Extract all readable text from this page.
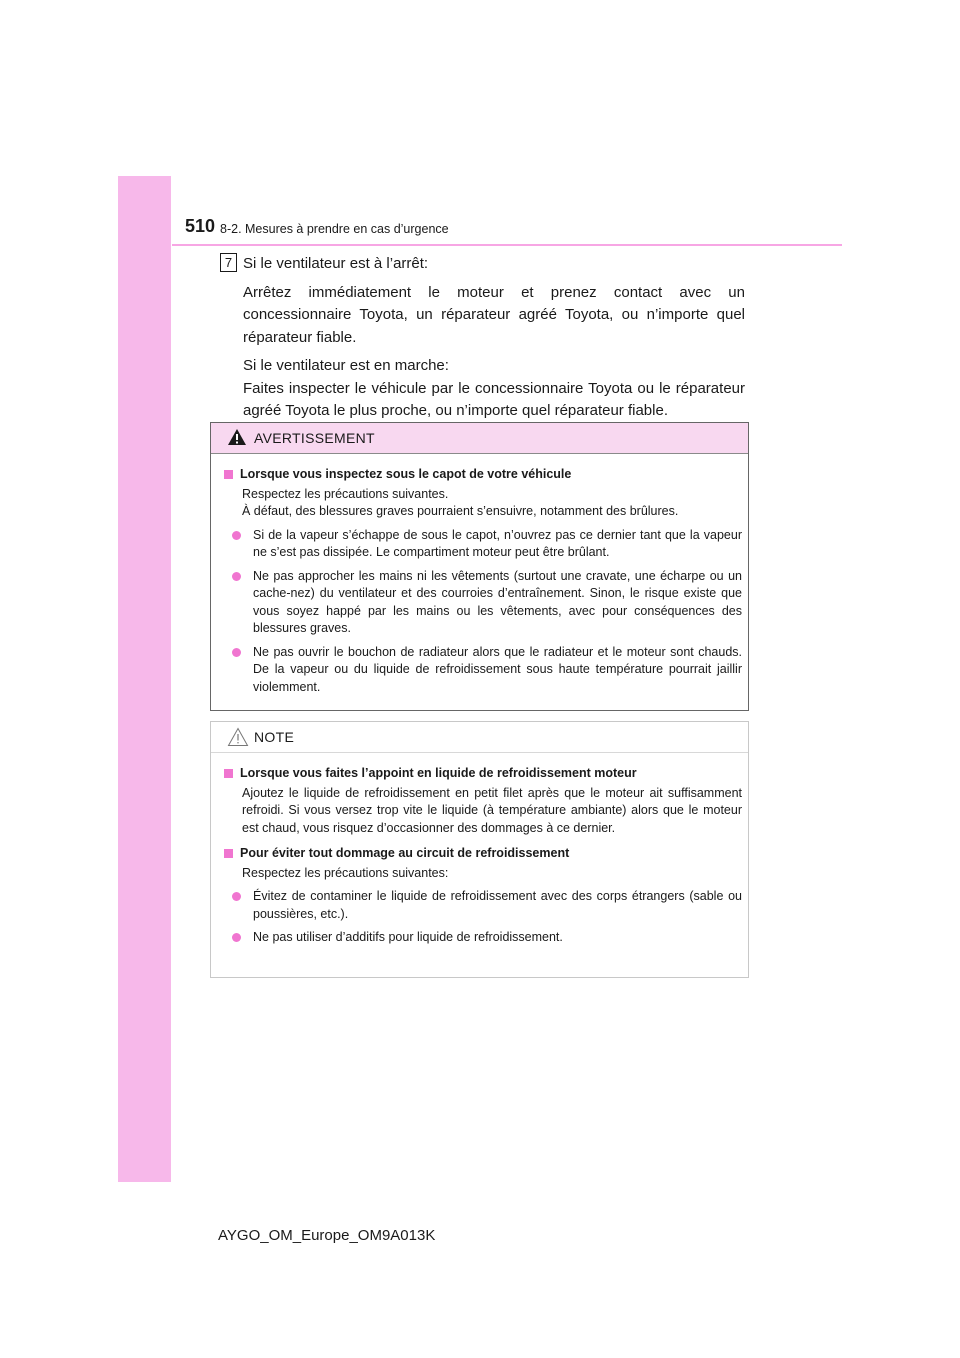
510 8-2. Mesures à prendre en cas d’urgence
7 Si le ventilateur est à l’arrêt:

Arrêtez immédiatement le moteur et prenez contact avec un concessionnaire Toyota, un réparateur agréé Toyota, ou n’importe quel réparateur fiable.

Si le ventilateur est en marche:

Faites inspecter le véhicule par le concessionnaire Toyota ou le réparateur agréé Toyota le plus proche, ou n’importe quel réparateur fiable.

AVERTISSEMENT
Lorsque vous inspectez sous le capot de votre véhicule
Respectez les précautions suivantes.
À défaut, des blessures graves pourraient s’ensuivre, notamment des brûlures.
Si de la vapeur s’échappe de sous le capot, n’ouvrez pas ce dernier tant que la vapeur ne s’est pas dissipée. Le compartiment moteur peut être brûlant.
Ne pas approcher les mains ni les vêtements (surtout une cravate, une écharpe ou un cache-nez) du ventilateur et des courroies d’entraînement. Sinon, le risque existe que vous soyez happé par les mains ou les vêtements, avec pour conséquences des blessures graves.
Ne pas ouvrir le bouchon de radiateur alors que le radiateur et le moteur sont chauds. De la vapeur ou du liquide de refroidissement sous haute température pourrait jaillir violemment.
NOTE
Lorsque vous faites l’appoint en liquide de refroidissement moteur
Ajoutez le liquide de refroidissement en petit filet après que le moteur ait suffisamment refroidi. Si vous versez trop vite le liquide (à température ambiante) alors que le moteur est chaud, vous risquez d’occasionner des dommages à ce dernier.
Pour éviter tout dommage au circuit de refroidissement
Respectez les précautions suivantes:
Évitez de contaminer le liquide de refroidissement avec des corps étrangers (sable ou poussières, etc.).
Ne pas utiliser d’additifs pour liquide de refroidissement.
AYGO_OM_Europe_OM9A013K
